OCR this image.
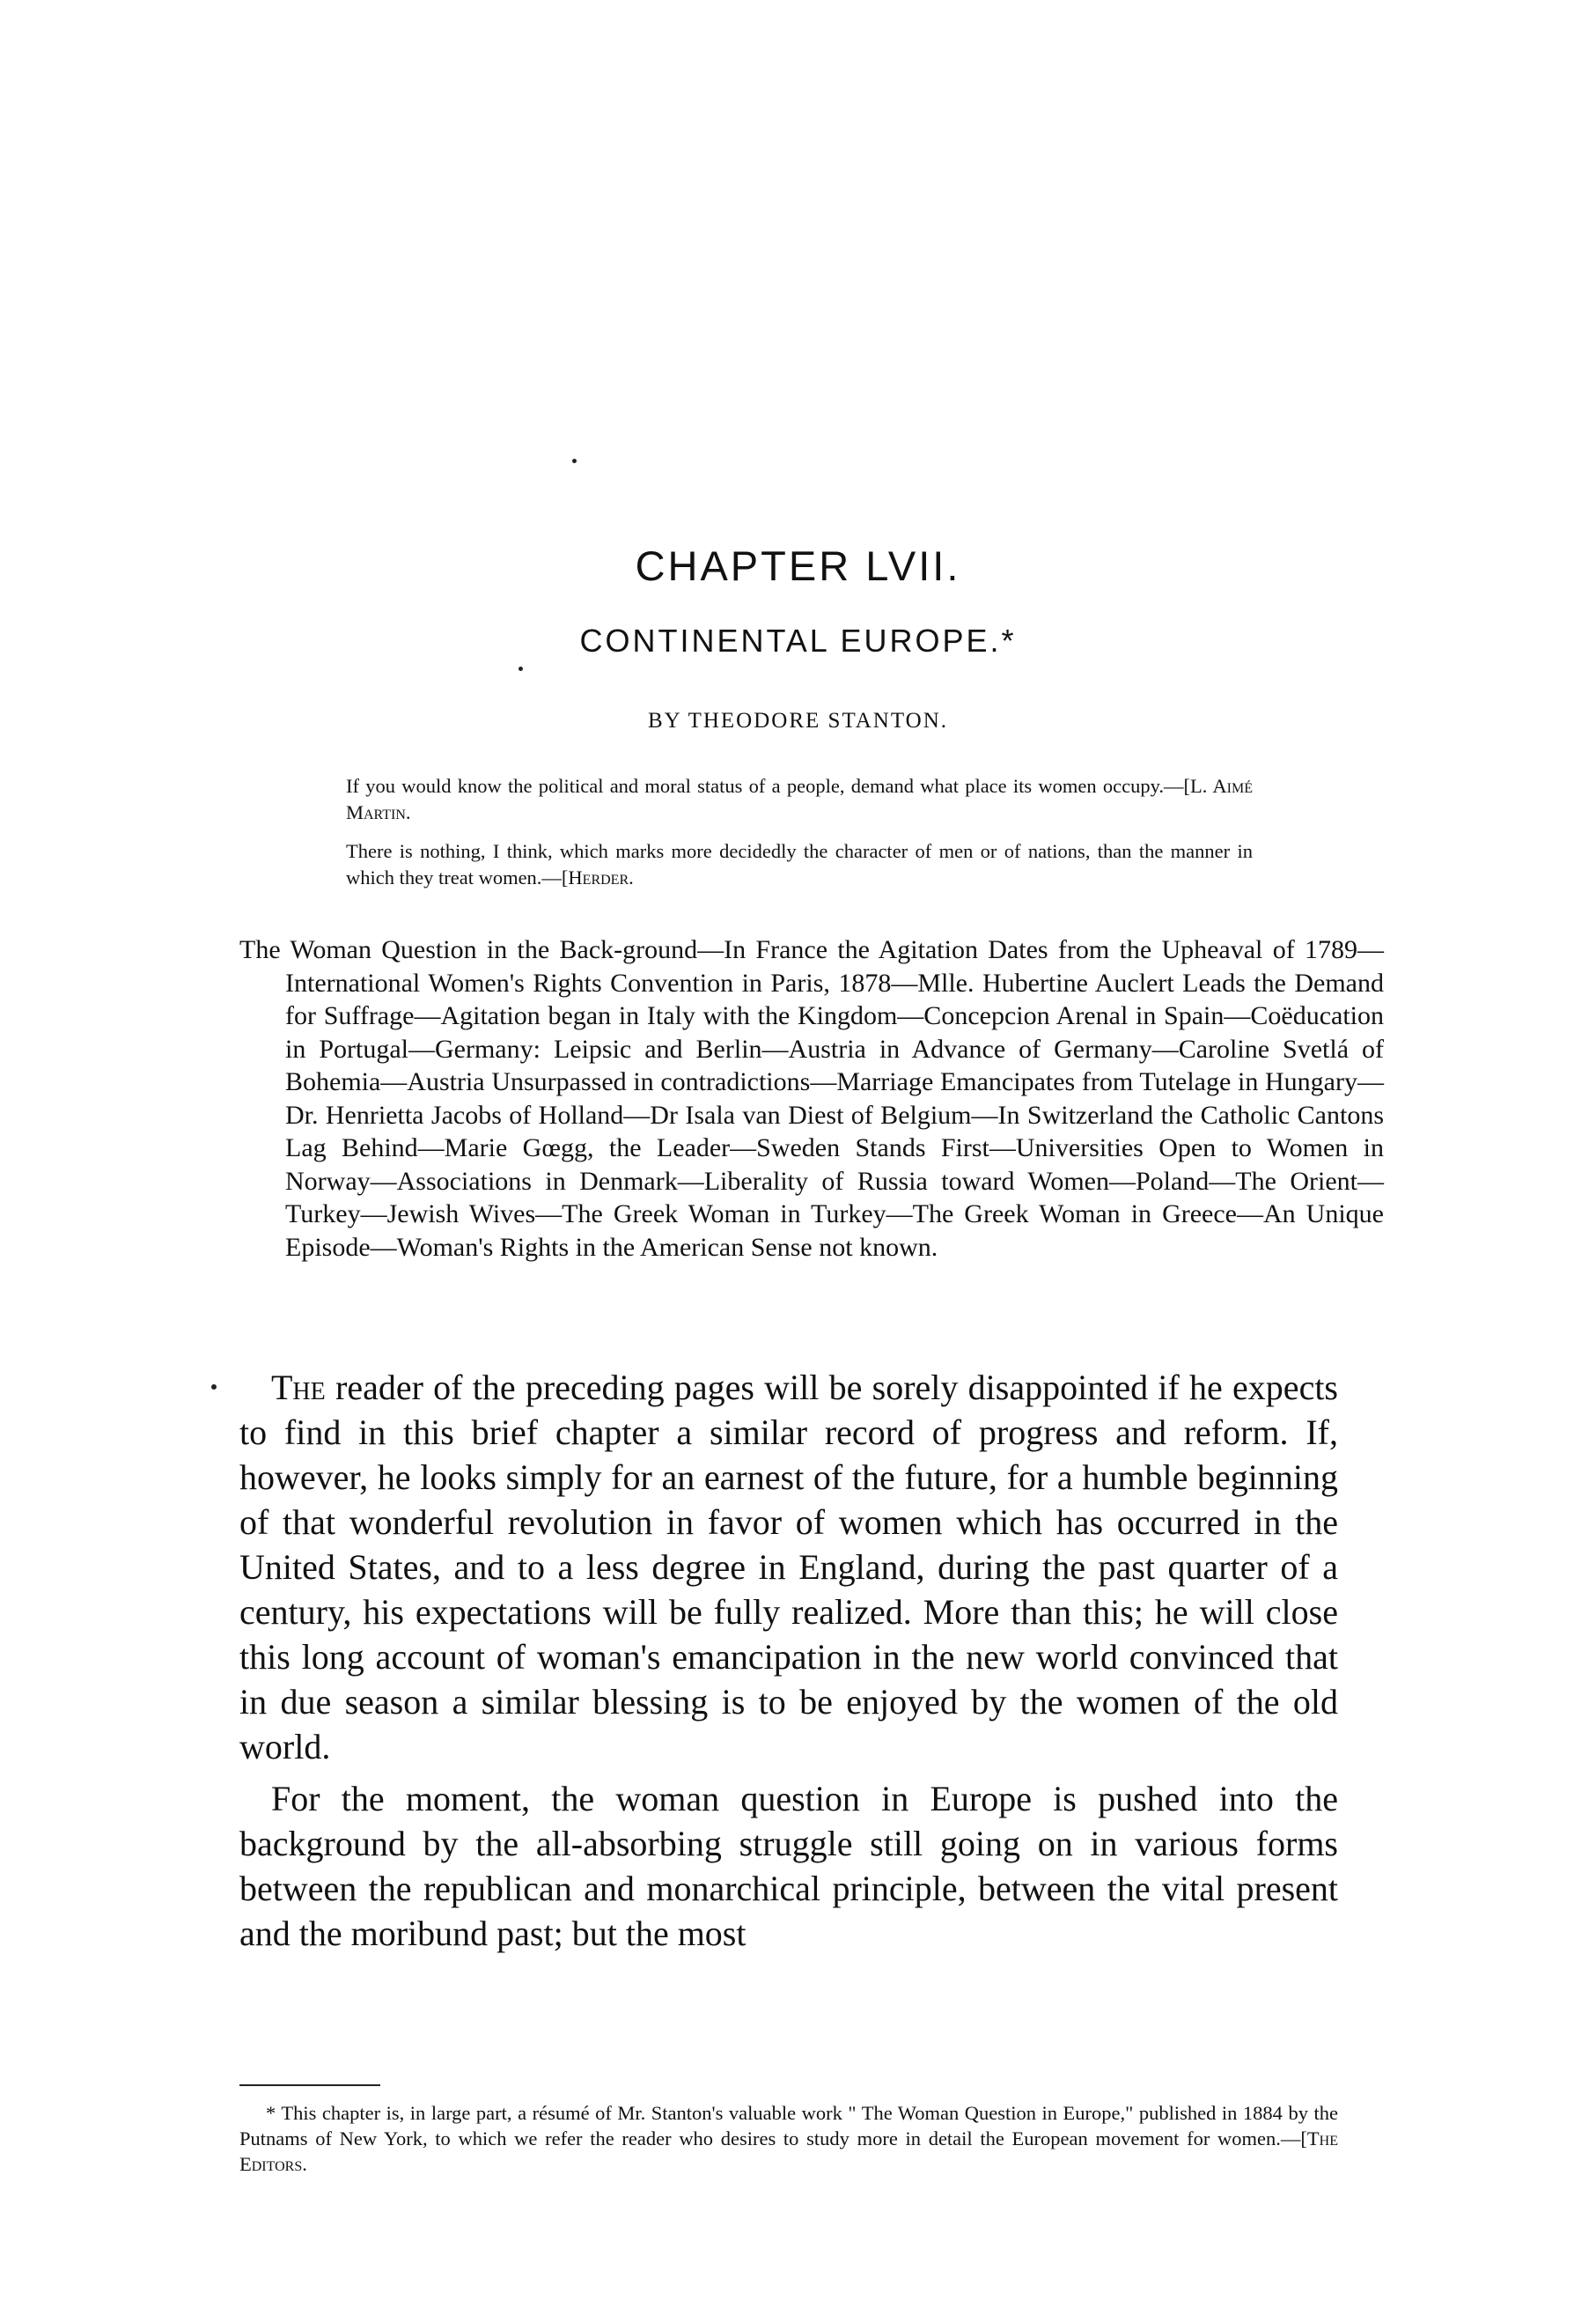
CHAPTER LVII.
CONTINENTAL EUROPE.*
BY THEODORE STANTON.

If you would know the political and moral status of a people, demand what place its women occupy.—[L. Aimé Martin.

There is nothing, I think, which marks more decidedly the character of men or of nations, than the manner in which they treat women.—[Herder.

The Woman Question in the Back-ground—In France the Agitation Dates from the Upheaval of 1789—International Women's Rights Convention in Paris, 1878—Mlle. Hubertine Auclert Leads the Demand for Suffrage—Agitation began in Italy with the Kingdom—Concepcion Arenal in Spain—Coëducation in Portugal—Germany: Leipsic and Berlin—Austria in Advance of Germany—Caroline Svetlá of Bohemia—Austria Unsurpassed in contradictions—Marriage Emancipates from Tutelage in Hungary—Dr. Henrietta Jacobs of Holland—Dr Isala van Diest of Belgium—In Switzerland the Catholic Cantons Lag Behind—Marie Gœgg, the Leader—Sweden Stands First—Universities Open to Women in Norway—Associations in Denmark—Liberality of Russia toward Women—Poland—The Orient—Turkey—Jewish Wives—The Greek Woman in Turkey—The Greek Woman in Greece—An Unique Episode—Woman's Rights in the American Sense not known.

The reader of the preceding pages will be sorely disappointed if he expects to find in this brief chapter a similar record of progress and reform. If, however, he looks simply for an earnest of the future, for a humble beginning of that wonderful revolution in favor of women which has occurred in the United States, and to a less degree in England, during the past quarter of a century, his expectations will be fully realized. More than this; he will close this long account of woman's emancipation in the new world convinced that in due season a similar blessing is to be enjoyed by the women of the old world.

For the moment, the woman question in Europe is pushed into the background by the all-absorbing struggle still going on in various forms between the republican and monarchical principle, between the vital present and the moribund past; but the most

* This chapter is, in large part, a résumé of Mr. Stanton's valuable work " The Woman Question in Europe," published in 1884 by the Putnams of New York, to which we refer the reader who desires to study more in detail the European movement for women.—[The Editors.
